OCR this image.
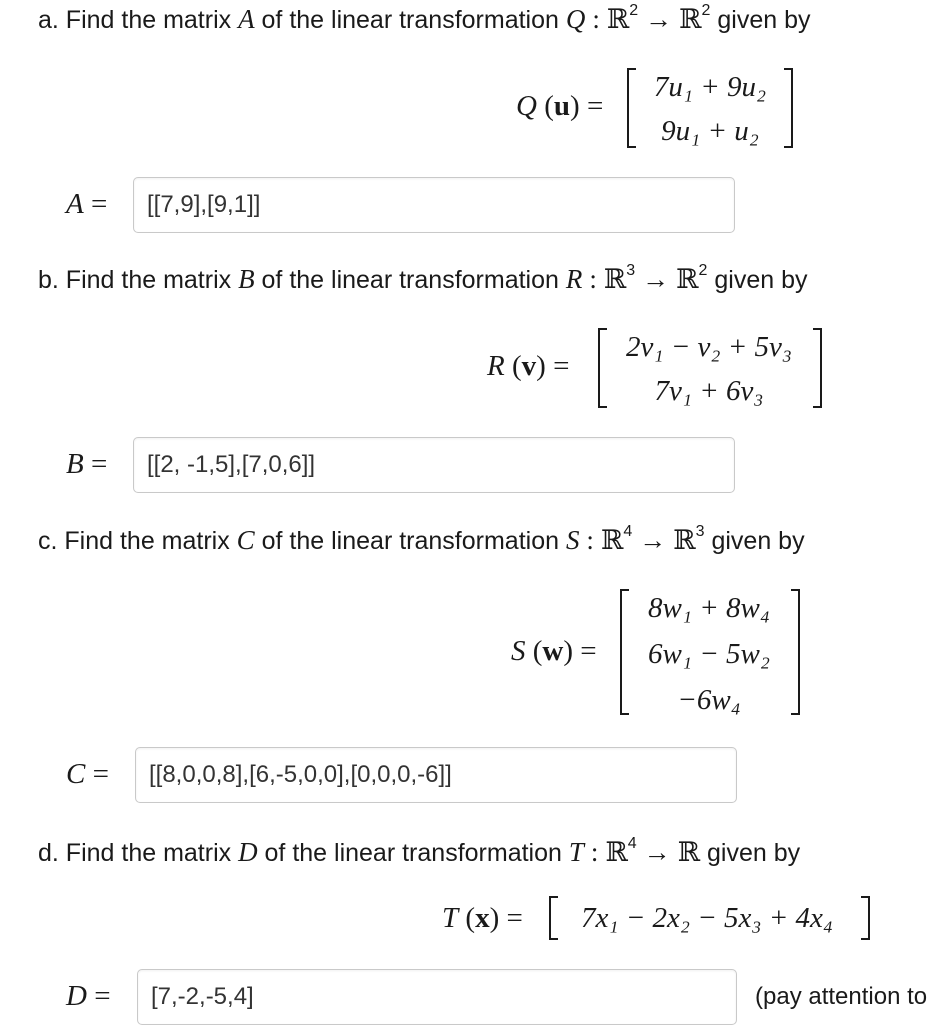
a. Find the matrix A of the linear transformation Q : ℝ$^2$ → ℝ$^2$ given by
Q (u) =
7u₁ + 9u₂
9u₁ + u₂
A =
[[7,9],[9,1]]
b. Find the matrix B of the linear transformation R : ℝ$^3$ → ℝ$^2$ given by
R (v) =
2v₁ − v₂ + 5v₃
7v₁ + 6v₃
B =
[[2, -1,5],[7,0,6]]
c. Find the matrix C of the linear transformation S : ℝ$^4$ → ℝ$^3$ given by
S (w) =
8w₁ + 8w₄
6w₁ − 5w₂
−6w₄
C =
[[8,0,0,8],[6,-5,0,0],[0,0,0,-6]]
d. Find the matrix D of the linear transformation T : ℝ$^4$ → ℝ given by
T (x) =	7x₁ − 2x₂ − 5x₃ + 4x₄
D =
[7,-2,-5,4]	(pay attention to
